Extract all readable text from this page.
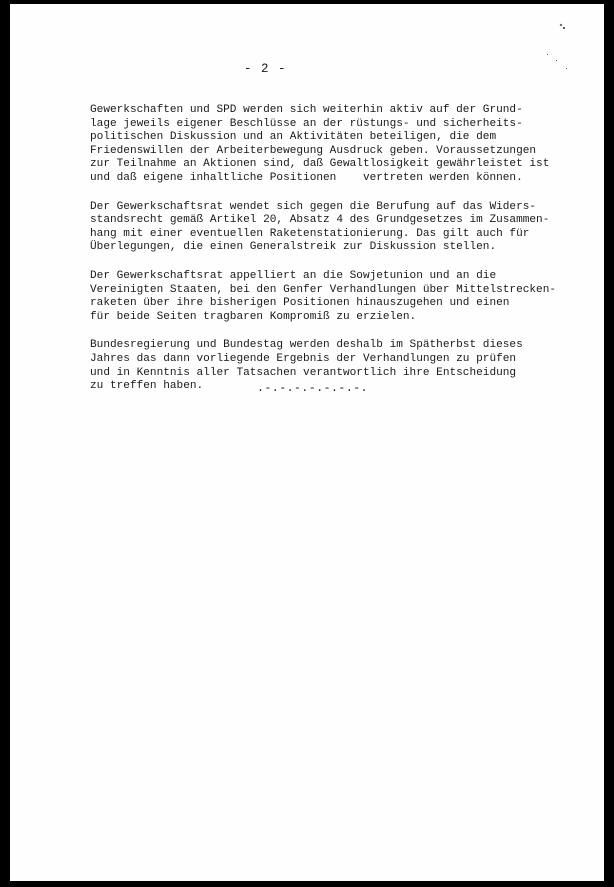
- 2 -
Gewerkschaften und SPD werden sich weiterhin aktiv auf der Grund-
lage jeweils eigener Beschlüsse an der rüstungs- und sicherheits-
politischen Diskussion und an Aktivitäten beteiligen, die dem
Friedenswillen der Arbeiterbewegung Ausdruck geben. Voraussetzungen
zur Teilnahme an Aktionen sind, daß Gewaltlosigkeit gewährleistet ist
und daß eigene inhaltliche Positionen    vertreten werden können.
Der Gewerkschaftsrat wendet sich gegen die Berufung auf das Widers-
standsrecht gemäß Artikel 20, Absatz 4 des Grundgesetzes im Zusammen-
hang mit einer eventuellen Raketenstationierung. Das gilt auch für
Überlegungen, die einen Generalstreik zur Diskussion stellen.
Der Gewerkschaftsrat appelliert an die Sowjetunion und an die
Vereinigten Staaten, bei den Genfer Verhandlungen über Mittelstrecken-
raketen über ihre bisherigen Positionen hinauszugehen und einen
für beide Seiten tragbaren Kompromiß zu erzielen.
Bundesregierung und Bundestag werden deshalb im Spätherbst dieses
Jahres das dann vorliegende Ergebnis der Verhandlungen zu prüfen
und in Kenntnis aller Tatsachen verantwortlich ihre Entscheidung
zu treffen haben.	.-.-.-.-.-.-.-.
